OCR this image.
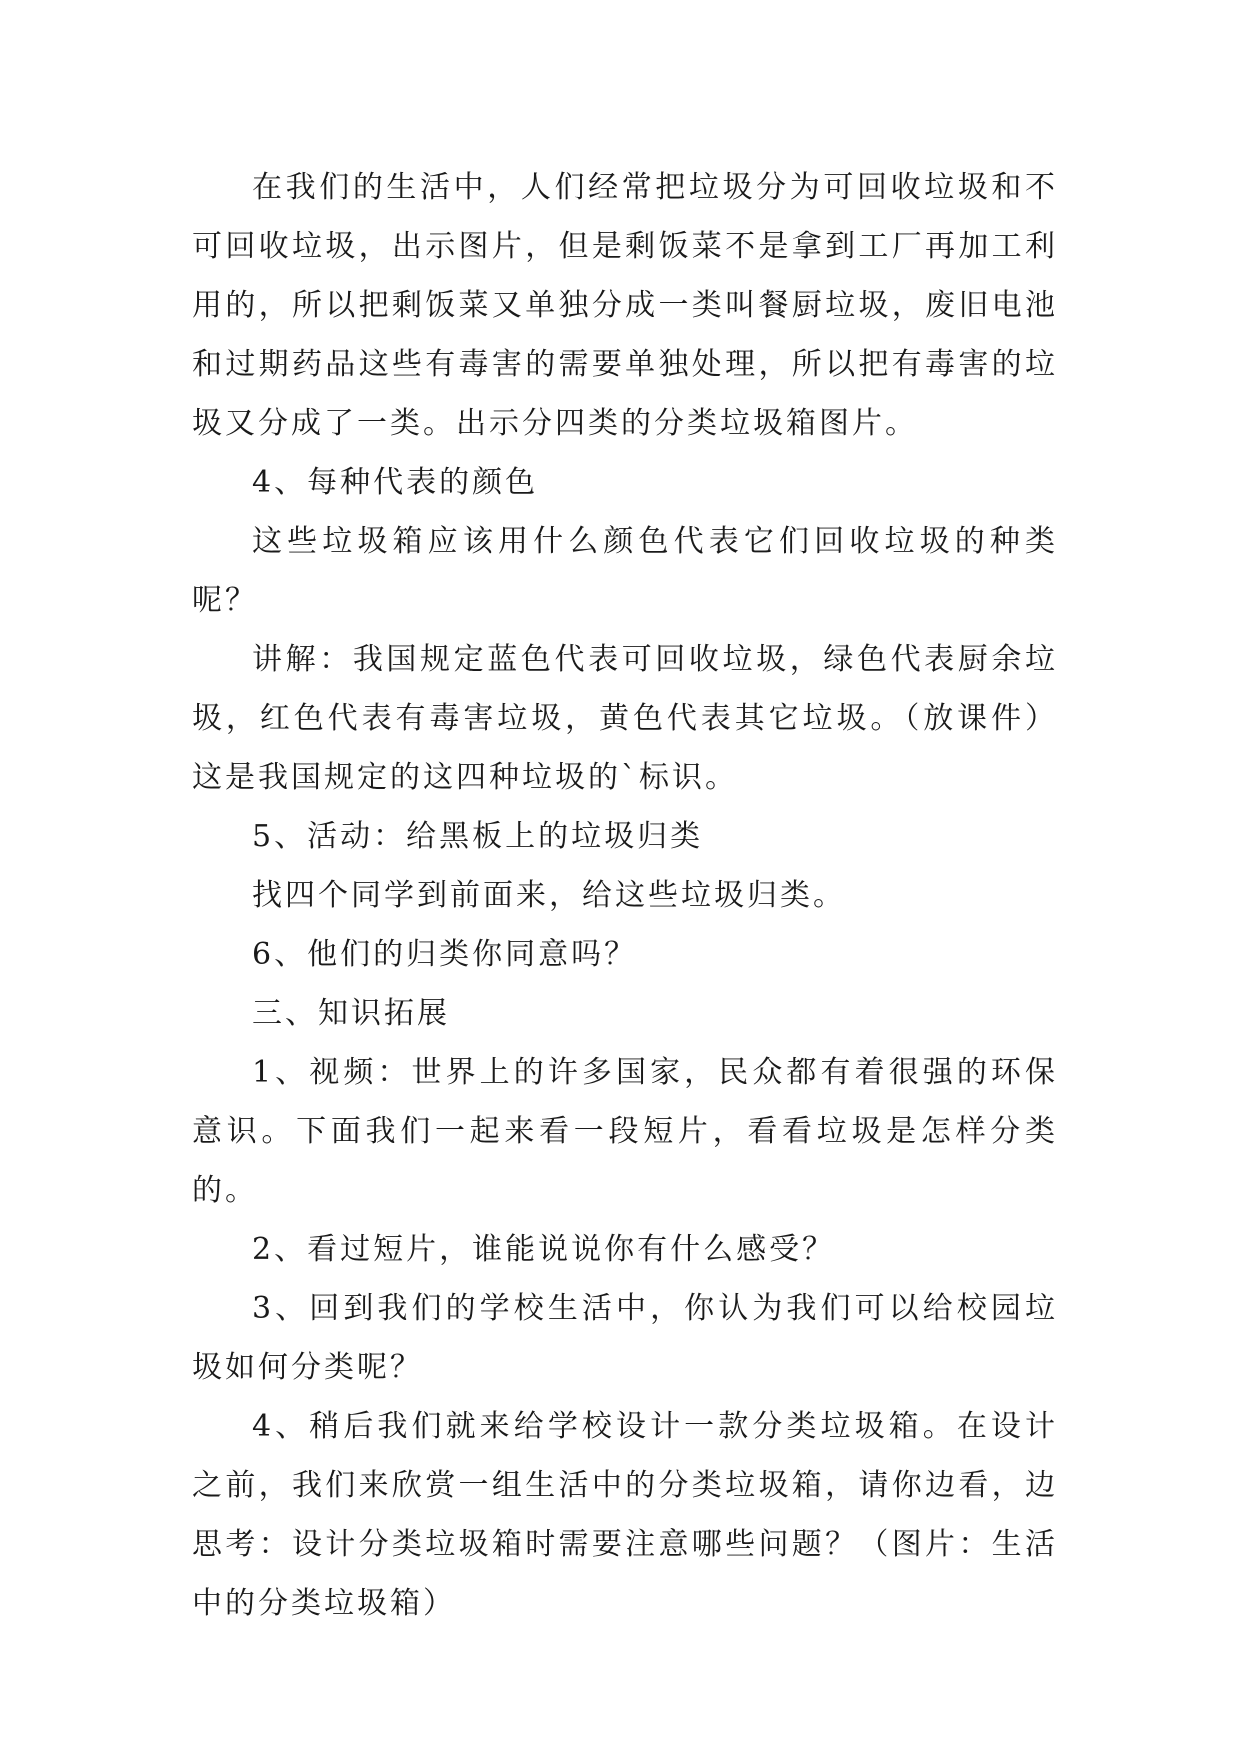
在我们的生活中，人们经常把垃圾分为可回收垃圾和不可回收垃圾，出示图片，但是剩饭菜不是拿到工厂再加工利用的，所以把剩饭菜又单独分成一类叫餐厨垃圾，废旧电池和过期药品这些有毒害的需要单独处理，所以把有毒害的垃圾又分成了一类。出示分四类的分类垃圾箱图片。

4、每种代表的颜色

这些垃圾箱应该用什么颜色代表它们回收垃圾的种类呢？

讲解：我国规定蓝色代表可回收垃圾，绿色代表厨余垃圾，红色代表有毒害垃圾，黄色代表其它垃圾。（放课件）这是我国规定的这四种垃圾的`标识。

5、活动：给黑板上的垃圾归类

找四个同学到前面来，给这些垃圾归类。

6、他们的归类你同意吗？

三、知识拓展

1、视频：世界上的许多国家，民众都有着很强的环保意识。下面我们一起来看一段短片，看看垃圾是怎样分类的。

2、看过短片，谁能说说你有什么感受？

3、回到我们的学校生活中，你认为我们可以给校园垃圾如何分类呢？

4、稍后我们就来给学校设计一款分类垃圾箱。在设计之前，我们来欣赏一组生活中的分类垃圾箱，请你边看，边思考：设计分类垃圾箱时需要注意哪些问题？（图片：生活中的分类垃圾箱）
